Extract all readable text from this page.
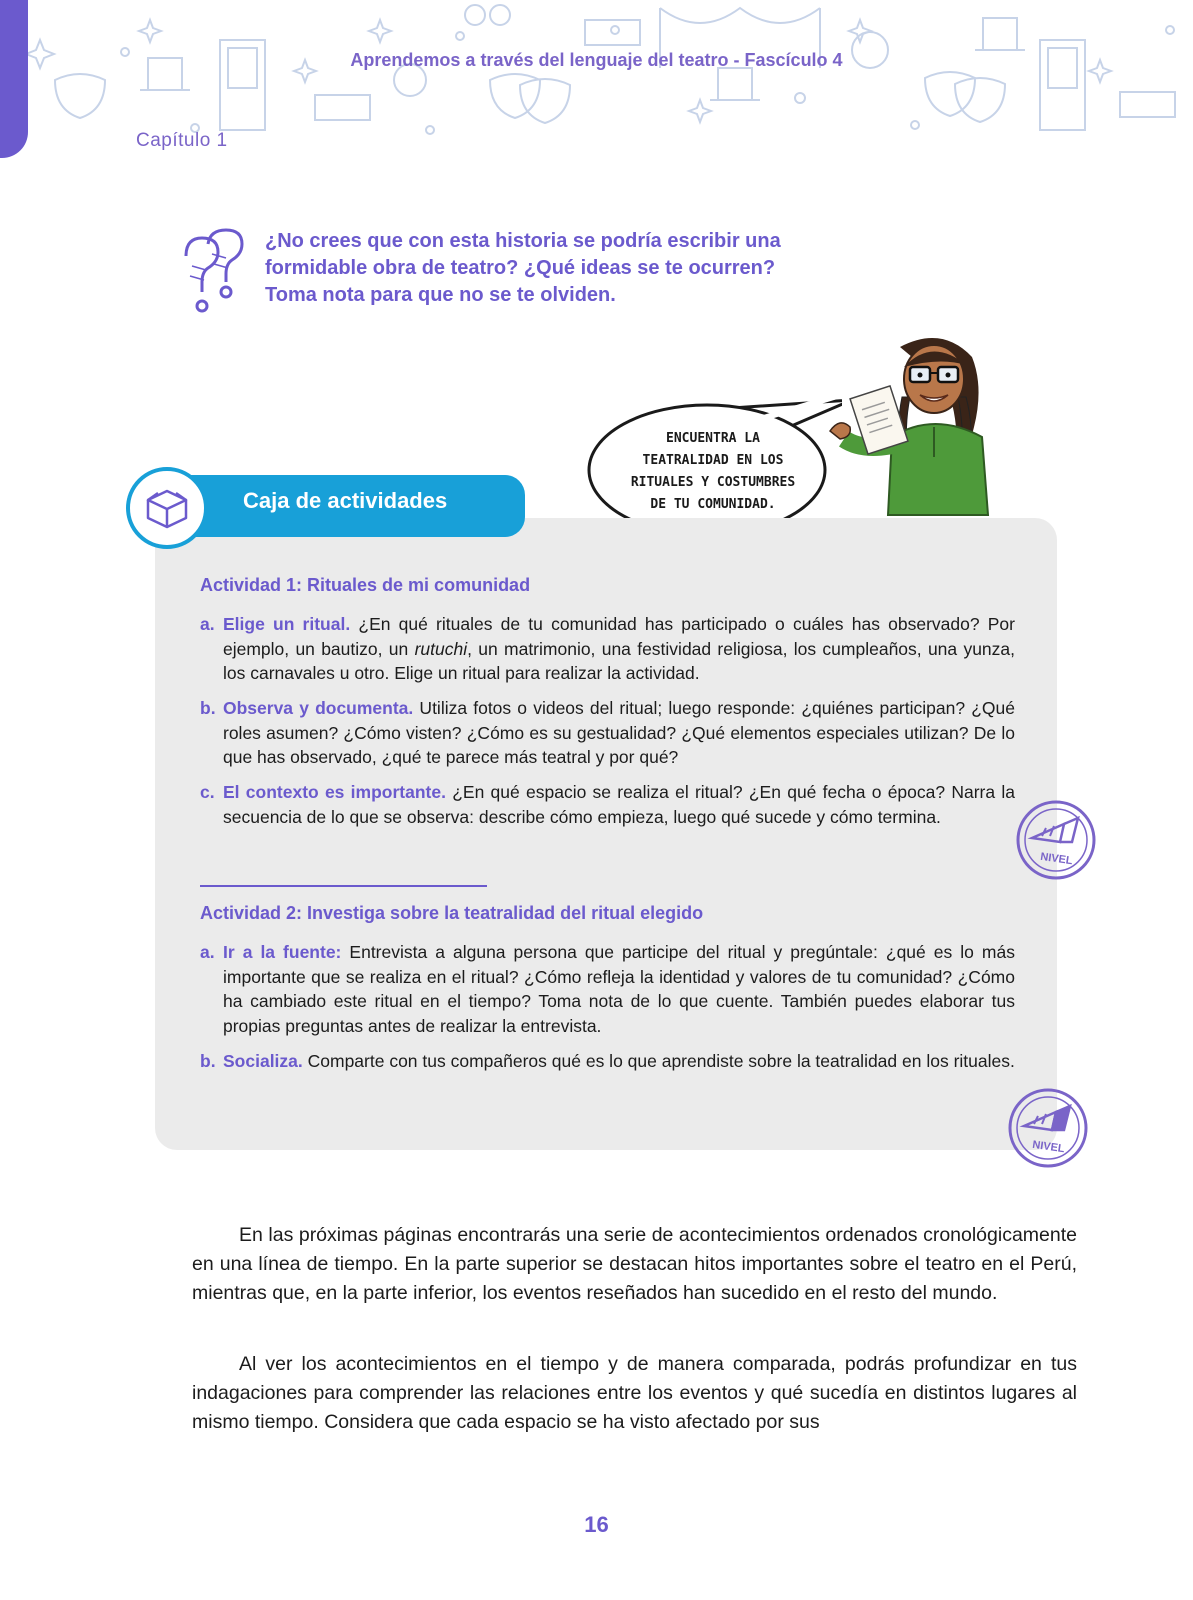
Aprendemos a través del lenguaje del teatro - Fascículo 4
Capítulo 1
¿No crees que con esta historia se podría escribir una
formidable obra de teatro? ¿Qué ideas se te ocurren?
Toma nota para que no se te olviden.
ENCUENTRA LA
TEATRALIDAD EN LOS
RITUALES Y COSTUMBRES
DE TU COMUNIDAD.
Caja de actividades
Actividad 1: Rituales de mi comunidad
a. Elige un ritual. ¿En qué rituales de tu comunidad has participado o cuáles has observado? Por ejemplo, un bautizo, un rutuchi, un matrimonio, una festividad religiosa, los cumpleaños, una yunza, los carnavales u otro. Elige un ritual para realizar la actividad.
b. Observa y documenta. Utiliza fotos o videos del ritual; luego responde: ¿quiénes participan? ¿Qué roles asumen? ¿Cómo visten? ¿Cómo es su gestualidad? ¿Qué elementos especiales utilizan? De lo que has observado, ¿qué te parece más teatral y por qué?
c. El contexto es importante. ¿En qué espacio se realiza el ritual? ¿En qué fecha o época? Narra la secuencia de lo que se observa: describe cómo empieza, luego qué sucede y cómo termina.
NIVEL
Actividad 2: Investiga sobre la teatralidad del ritual elegido
a. Ir a la fuente: Entrevista a alguna persona que participe del ritual y pregúntale: ¿qué es lo más importante que se realiza en el ritual? ¿Cómo refleja la identidad y valores de tu comunidad? ¿Cómo ha cambiado este ritual en el tiempo? Toma nota de lo que cuente. También puedes elaborar tus propias preguntas antes de realizar la entrevista.
b. Socializa. Comparte con tus compañeros qué es lo que aprendiste sobre la teatralidad en los rituales.
NIVEL

En las próximas páginas encontrarás una serie de acontecimientos ordenados cronológicamente en una línea de tiempo. En la parte superior se destacan hitos importantes sobre el teatro en el Perú, mientras que, en la parte inferior, los eventos reseñados han sucedido en el resto del mundo.

Al ver los acontecimientos en el tiempo y de manera comparada, podrás profundizar en tus indagaciones para comprender las relaciones entre los eventos y qué sucedía en distintos lugares al mismo tiempo. Considera que cada espacio se ha visto afectado por sus

16
